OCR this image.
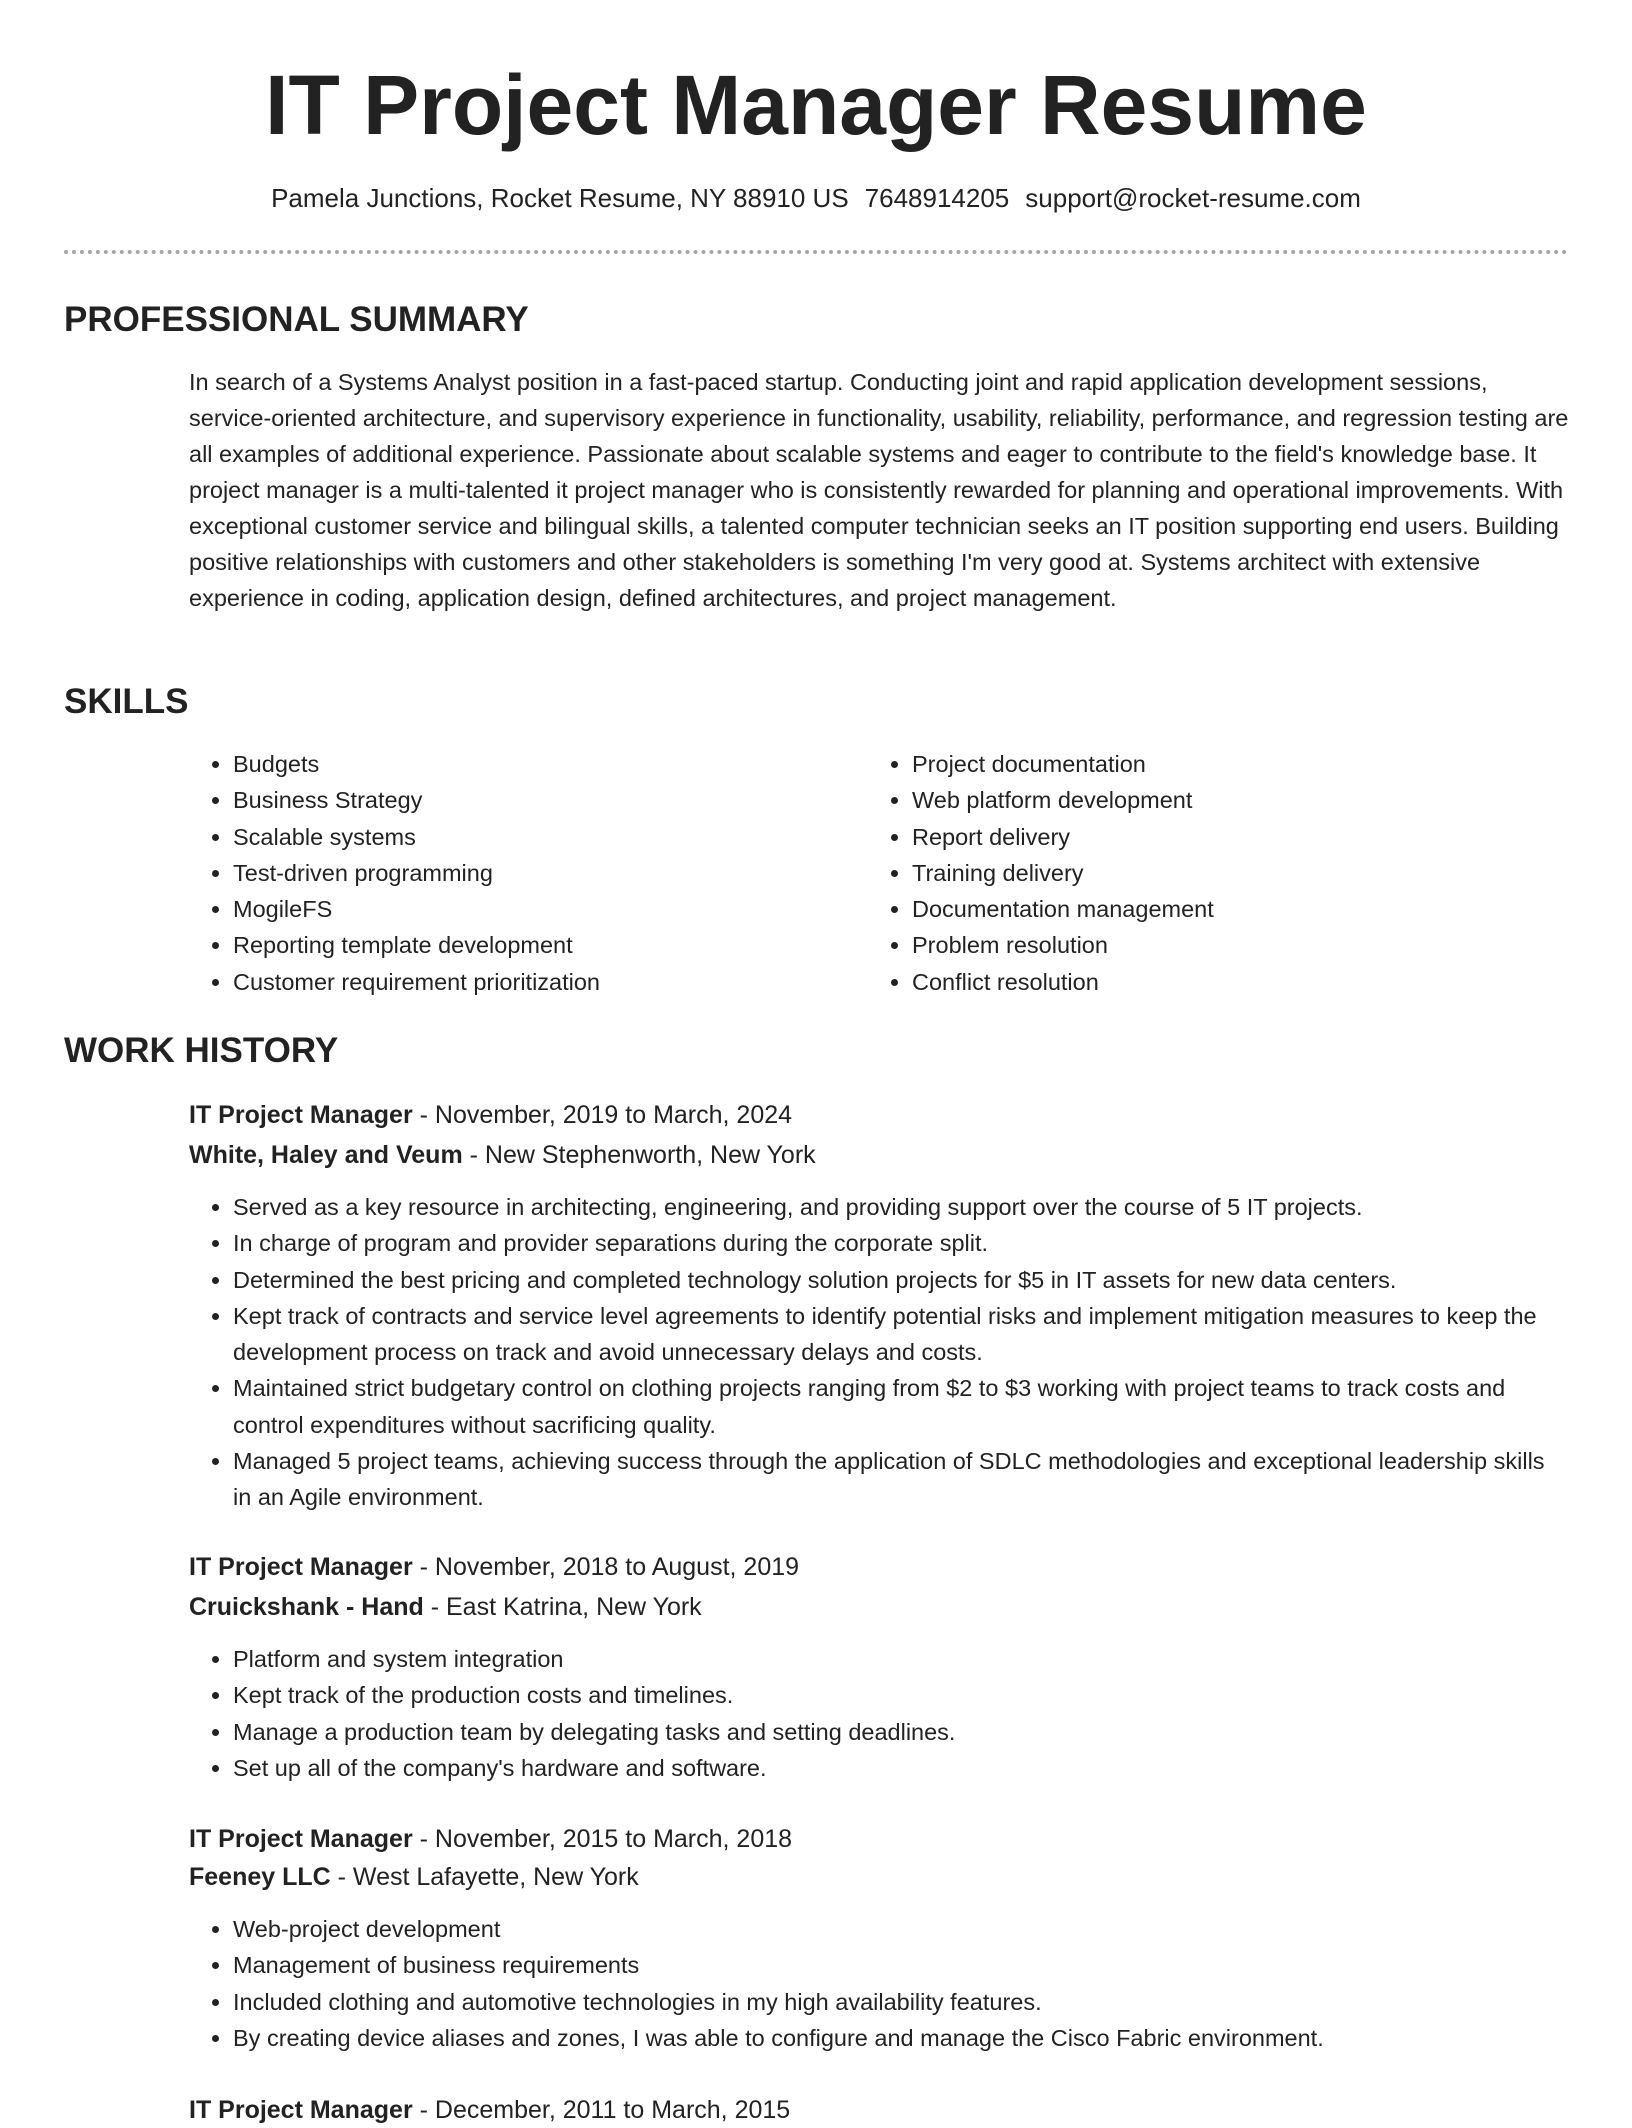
IT Project Manager Resume
Pamela Junctions, Rocket Resume, NY 88910 US 7648914205 support@rocket-resume.com
PROFESSIONAL SUMMARY

In search of a Systems Analyst position in a fast-paced startup. Conducting joint and rapid application development sessions, service-oriented architecture, and supervisory experience in functionality, usability, reliability, performance, and regression testing are all examples of additional experience. Passionate about scalable systems and eager to contribute to the field's knowledge base. It project manager is a multi-talented it project manager who is consistently rewarded for planning and operational improvements. With exceptional customer service and bilingual skills, a talented computer technician seeks an IT position supporting end users. Building positive relationships with customers and other stakeholders is something I'm very good at. Systems architect with extensive experience in coding, application design, defined architectures, and project management.

SKILLS
• Budgets
• Business Strategy
• Scalable systems
• Test-driven programming
• MogileFS
• Reporting template development
• Customer requirement prioritization
• Project documentation
• Web platform development
• Report delivery
• Training delivery
• Documentation management
• Problem resolution
• Conflict resolution
WORK HISTORY
IT Project Manager - November, 2019 to March, 2024
White, Haley and Veum - New Stephenworth, New York
• Served as a key resource in architecting, engineering, and providing support over the course of 5 IT projects.
• In charge of program and provider separations during the corporate split.
• Determined the best pricing and completed technology solution projects for $5 in IT assets for new data centers.
• Kept track of contracts and service level agreements to identify potential risks and implement mitigation measures to keep the development process on track and avoid unnecessary delays and costs.
• Maintained strict budgetary control on clothing projects ranging from $2 to $3 working with project teams to track costs and control expenditures without sacrificing quality.
• Managed 5 project teams, achieving success through the application of SDLC methodologies and exceptional leadership skills in an Agile environment.
IT Project Manager - November, 2018 to August, 2019
Cruickshank - Hand - East Katrina, New York
• Platform and system integration
• Kept track of the production costs and timelines.
• Manage a production team by delegating tasks and setting deadlines.
• Set up all of the company's hardware and software.
IT Project Manager - November, 2015 to March, 2018
Feeney LLC - West Lafayette, New York
• Web-project development
• Management of business requirements
• Included clothing and automotive technologies in my high availability features.
• By creating device aliases and zones, I was able to configure and manage the Cisco Fabric environment.
IT Project Manager - December, 2011 to March, 2015
